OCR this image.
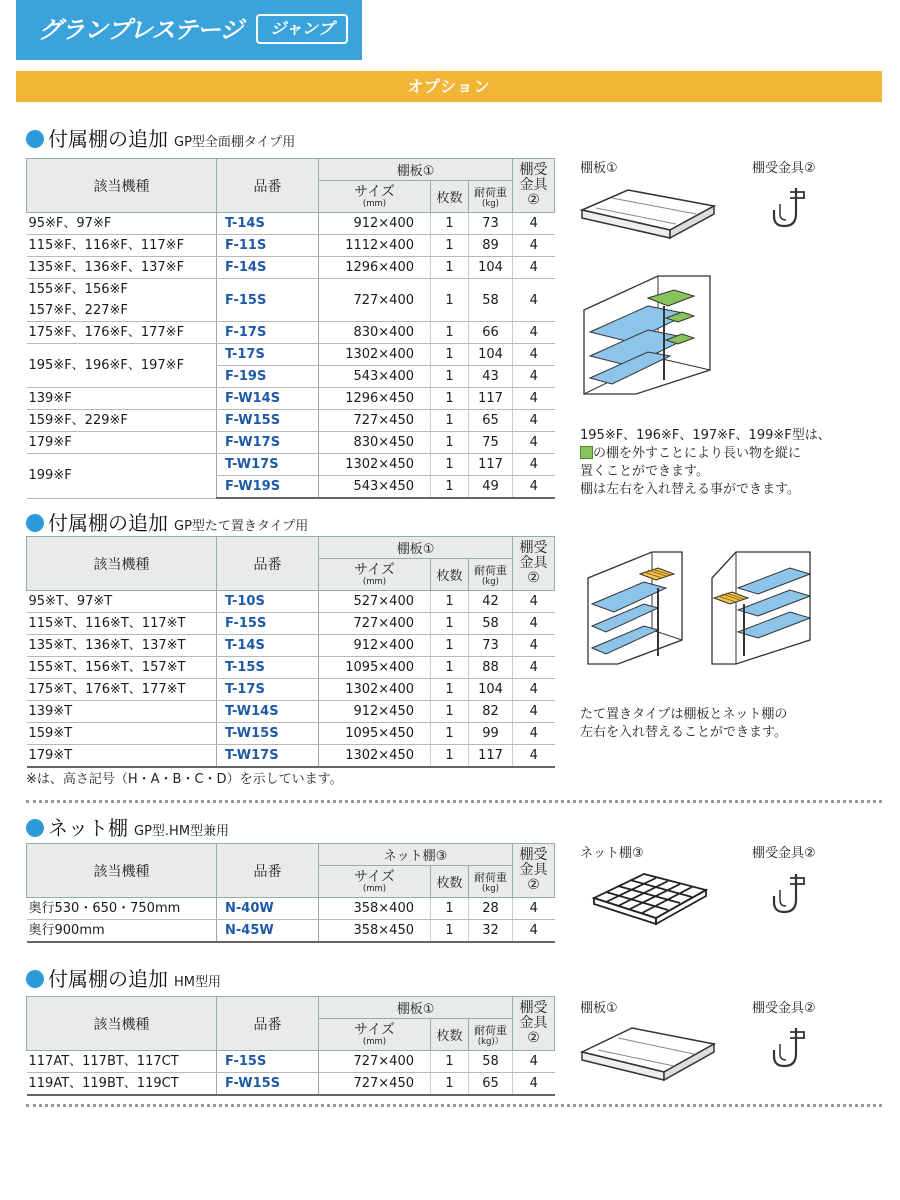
グランプレステージ	ジャンプ
オプション
付属棚の追加 GP型全面棚タイプ用
該当機種	品番	棚板①			棚受
金具
②

		サイズ
(mm)	枚数	耐荷重
(kg)	

95※F、97※F	T-14S	912×400	1	73	4
115※F、116※F、117※F	F-11S	1112×400	1	89	4
135※F、136※F、137※F	F-14S	1296×400	1	104	4

155※F、156※F
157※F、227※F	F-15S	727×400	1	58	4
175※F、176※F、177※F	F-17S	830×400	1	66	4
195※F、196※F、197※F	T-17S	1302×400	1	104	4
	F-19S	543×400	1	43	4
139※F	F-W14S	1296×450	1	117	4
159※F、229※F	F-W15S	727×450	1	65	4
179※F	F-W17S	830×450	1	75	4
199※F	T-W17S	1302×450	1	117	4
	F-W19S	543×450	1	49	4
棚板①	棚受金具②
195※F、196※F、197※F、199※F型は、
の棚を外すことにより長い物を縦に
置くことができます。
棚は左右を入れ替える事ができます。
付属棚の追加 GP型たて置きタイプ用
該当機種	品番	棚板①			棚受
金具
②

		サイズ
(mm)	枚数	耐荷重
(kg)	

95※T、97※T	T-10S	527×400	1	42	4
115※T、116※T、117※T	F-15S	727×400	1	58	4
135※T、136※T、137※T	T-14S	912×400	1	73	4
155※T、156※T、157※T	T-15S	1095×400	1	88	4
175※T、176※T、177※T	T-17S	1302×400	1	104	4
139※T	T-W14S	912×450	1	82	4
159※T	T-W15S	1095×450	1	99	4
179※T	T-W17S	1302×450	1	117	4
※は、高さ記号（H・A・B・C・D）を示しています。
たて置きタイプは棚板とネット棚の
左右を入れ替えることができます。
ネット棚 GP型.HM型兼用
該当機種	品番	ネット棚③			棚受
金具
②

		サイズ
(mm)	枚数	耐荷重
(kg)	

奥行530・650・750mm	N-40W	358×400	1	28	4
奥行900mm	N-45W	358×450	1	32	4
ネット棚③	棚受金具②
付属棚の追加 HM型用
該当機種	品番	棚板①			棚受
金具
②

		サイズ
(mm)	枚数	耐荷重
(kg)）	

117AT、117BT、117CT	F-15S	727×400	1	58	4
119AT、119BT、119CT	F-W15S	727×450	1	65	4
棚板①	棚受金具②
